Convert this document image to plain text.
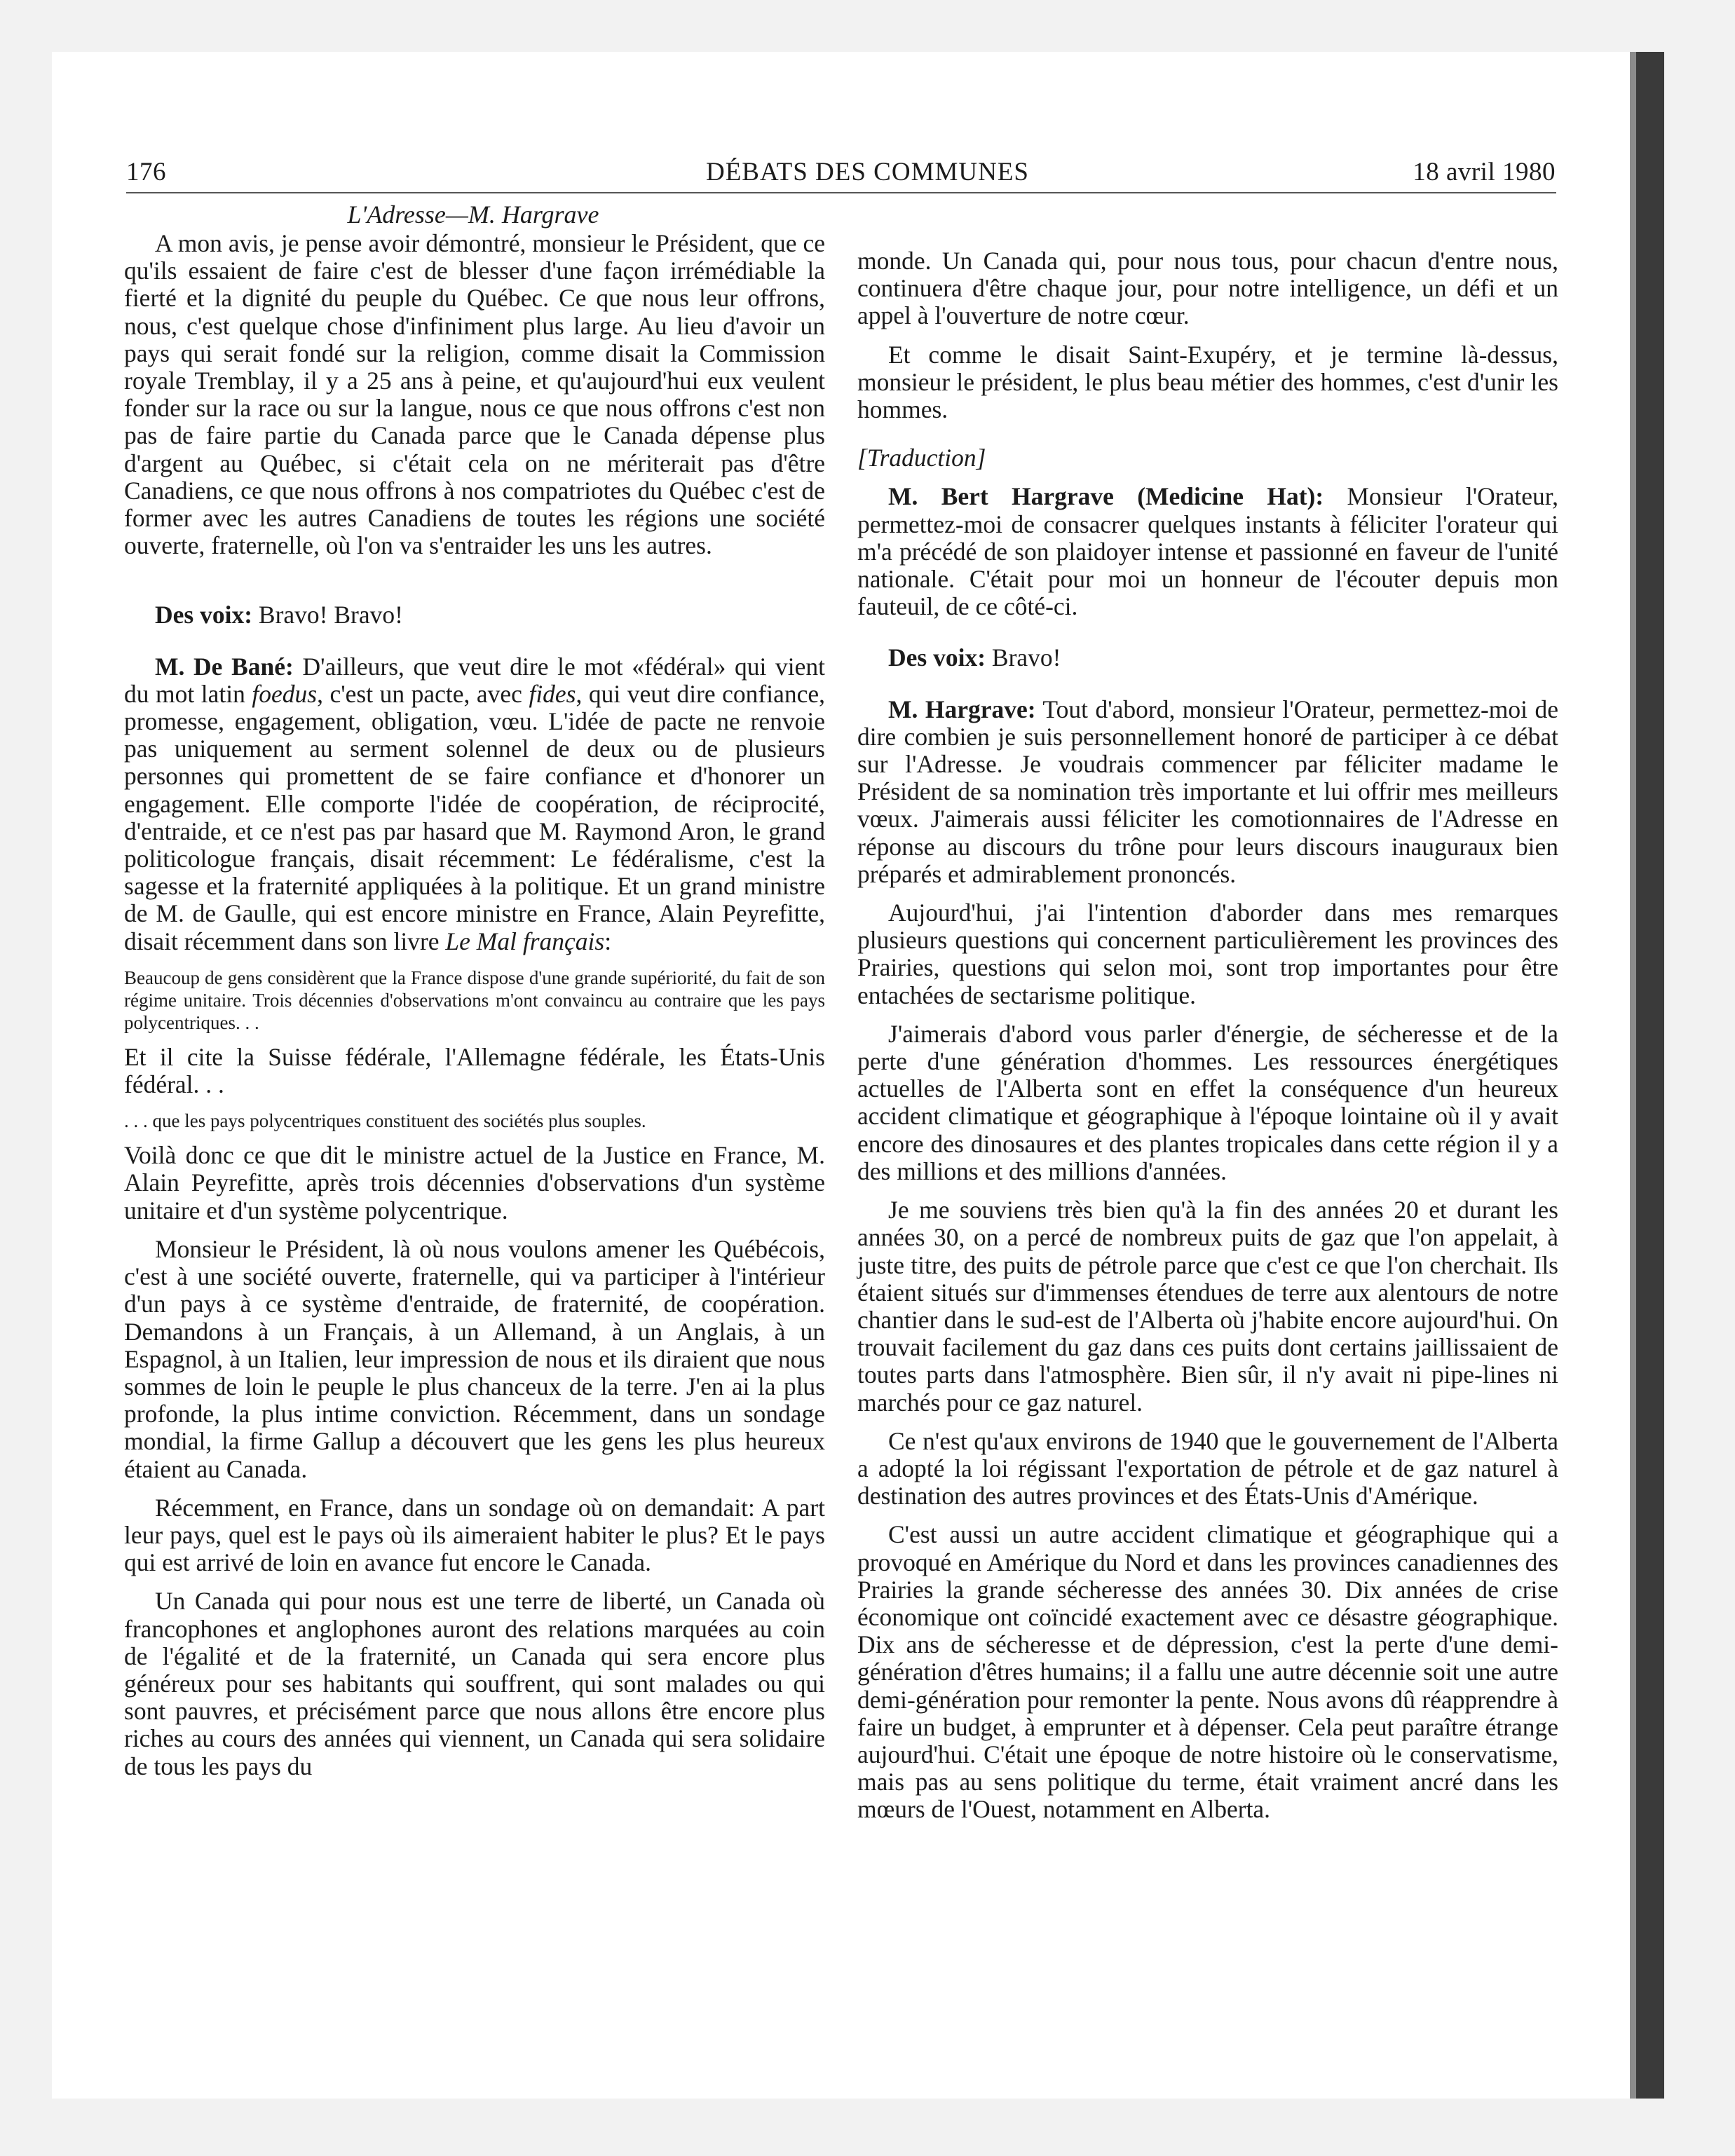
DÉBATS DES COMMUNES
176	18 avril 1980
L'Adresse—M. Hargrave

A mon avis, je pense avoir démontré, monsieur le Président, que ce qu'ils essaient de faire c'est de blesser d'une façon irrémédiable la fierté et la dignité du peuple du Québec. Ce que nous leur offrons, nous, c'est quelque chose d'infiniment plus large. Au lieu d'avoir un pays qui serait fondé sur la religion, comme disait la Commission royale Tremblay, il y a 25 ans à peine, et qu'aujourd'hui eux veulent fonder sur la race ou sur la langue, nous ce que nous offrons c'est non pas de faire partie du Canada parce que le Canada dépense plus d'argent au Québec, si c'était cela on ne mériterait pas d'être Canadiens, ce que nous offrons à nos compatriotes du Québec c'est de former avec les autres Canadiens de toutes les régions une société ouverte, fraternelle, où l'on va s'entraider les uns les autres.

Des voix: Bravo! Bravo!

M. De Bané: D'ailleurs, que veut dire le mot «fédéral» qui vient du mot latin foedus, c'est un pacte, avec fides, qui veut dire confiance, promesse, engagement, obligation, vœu. L'idée de pacte ne renvoie pas uniquement au serment solennel de deux ou de plusieurs personnes qui promettent de se faire confiance et d'honorer un engagement. Elle comporte l'idée de coopération, de réciprocité, d'entraide, et ce n'est pas par hasard que M. Raymond Aron, le grand politicologue français, disait récemment: Le fédéralisme, c'est la sagesse et la fraternité appliquées à la politique. Et un grand ministre de M. de Gaulle, qui est encore ministre en France, Alain Peyrefitte, disait récemment dans son livre Le Mal français:

Beaucoup de gens considèrent que la France dispose d'une grande supériorité, du fait de son régime unitaire. Trois décennies d'observations m'ont convaincu au contraire que les pays polycentriques. . .

Et il cite la Suisse fédérale, l'Allemagne fédérale, les États-Unis fédéral. . .

. . . que les pays polycentriques constituent des sociétés plus souples.

Voilà donc ce que dit le ministre actuel de la Justice en France, M. Alain Peyrefitte, après trois décennies d'observations d'un système unitaire et d'un système polycentrique.

Monsieur le Président, là où nous voulons amener les Québécois, c'est à une société ouverte, fraternelle, qui va participer à l'intérieur d'un pays à ce système d'entraide, de fraternité, de coopération. Demandons à un Français, à un Allemand, à un Anglais, à un Espagnol, à un Italien, leur impression de nous et ils diraient que nous sommes de loin le peuple le plus chanceux de la terre. J'en ai la plus profonde, la plus intime conviction. Récemment, dans un sondage mondial, la firme Gallup a découvert que les gens les plus heureux étaient au Canada.

Récemment, en France, dans un sondage où on demandait: A part leur pays, quel est le pays où ils aimeraient habiter le plus? Et le pays qui est arrivé de loin en avance fut encore le Canada.

Un Canada qui pour nous est une terre de liberté, un Canada où francophones et anglophones auront des relations marquées au coin de l'égalité et de la fraternité, un Canada qui sera encore plus généreux pour ses habitants qui souffrent, qui sont malades ou qui sont pauvres, et précisément parce que nous allons être encore plus riches au cours des années qui viennent, un Canada qui sera solidaire de tous les pays du

monde. Un Canada qui, pour nous tous, pour chacun d'entre nous, continuera d'être chaque jour, pour notre intelligence, un défi et un appel à l'ouverture de notre cœur.

Et comme le disait Saint-Exupéry, et je termine là-dessus, monsieur le président, le plus beau métier des hommes, c'est d'unir les hommes.

[Traduction]

M. Bert Hargrave (Medicine Hat): Monsieur l'Orateur, permettez-moi de consacrer quelques instants à féliciter l'orateur qui m'a précédé de son plaidoyer intense et passionné en faveur de l'unité nationale. C'était pour moi un honneur de l'écouter depuis mon fauteuil, de ce côté-ci.

Des voix: Bravo!

M. Hargrave: Tout d'abord, monsieur l'Orateur, permettez-moi de dire combien je suis personnellement honoré de participer à ce débat sur l'Adresse. Je voudrais commencer par féliciter madame le Président de sa nomination très importante et lui offrir mes meilleurs vœux. J'aimerais aussi féliciter les comotionnaires de l'Adresse en réponse au discours du trône pour leurs discours inauguraux bien préparés et admirablement prononcés.

Aujourd'hui, j'ai l'intention d'aborder dans mes remarques plusieurs questions qui concernent particulièrement les provinces des Prairies, questions qui selon moi, sont trop importantes pour être entachées de sectarisme politique.

J'aimerais d'abord vous parler d'énergie, de sécheresse et de la perte d'une génération d'hommes. Les ressources énergétiques actuelles de l'Alberta sont en effet la conséquence d'un heureux accident climatique et géographique à l'époque lointaine où il y avait encore des dinosaures et des plantes tropicales dans cette région il y a des millions et des millions d'années.

Je me souviens très bien qu'à la fin des années 20 et durant les années 30, on a percé de nombreux puits de gaz que l'on appelait, à juste titre, des puits de pétrole parce que c'est ce que l'on cherchait. Ils étaient situés sur d'immenses étendues de terre aux alentours de notre chantier dans le sud-est de l'Alberta où j'habite encore aujourd'hui. On trouvait facilement du gaz dans ces puits dont certains jaillissaient de toutes parts dans l'atmosphère. Bien sûr, il n'y avait ni pipe-lines ni marchés pour ce gaz naturel.

Ce n'est qu'aux environs de 1940 que le gouvernement de l'Alberta a adopté la loi régissant l'exportation de pétrole et de gaz naturel à destination des autres provinces et des États-Unis d'Amérique.

C'est aussi un autre accident climatique et géographique qui a provoqué en Amérique du Nord et dans les provinces canadiennes des Prairies la grande sécheresse des années 30. Dix années de crise économique ont coïncidé exactement avec ce désastre géographique. Dix ans de sécheresse et de dépression, c'est la perte d'une demi-génération d'êtres humains; il a fallu une autre décennie soit une autre demi-génération pour remonter la pente. Nous avons dû réapprendre à faire un budget, à emprunter et à dépenser. Cela peut paraître étrange aujourd'hui. C'était une époque de notre histoire où le conservatisme, mais pas au sens politique du terme, était vraiment ancré dans les mœurs de l'Ouest, notamment en Alberta.
